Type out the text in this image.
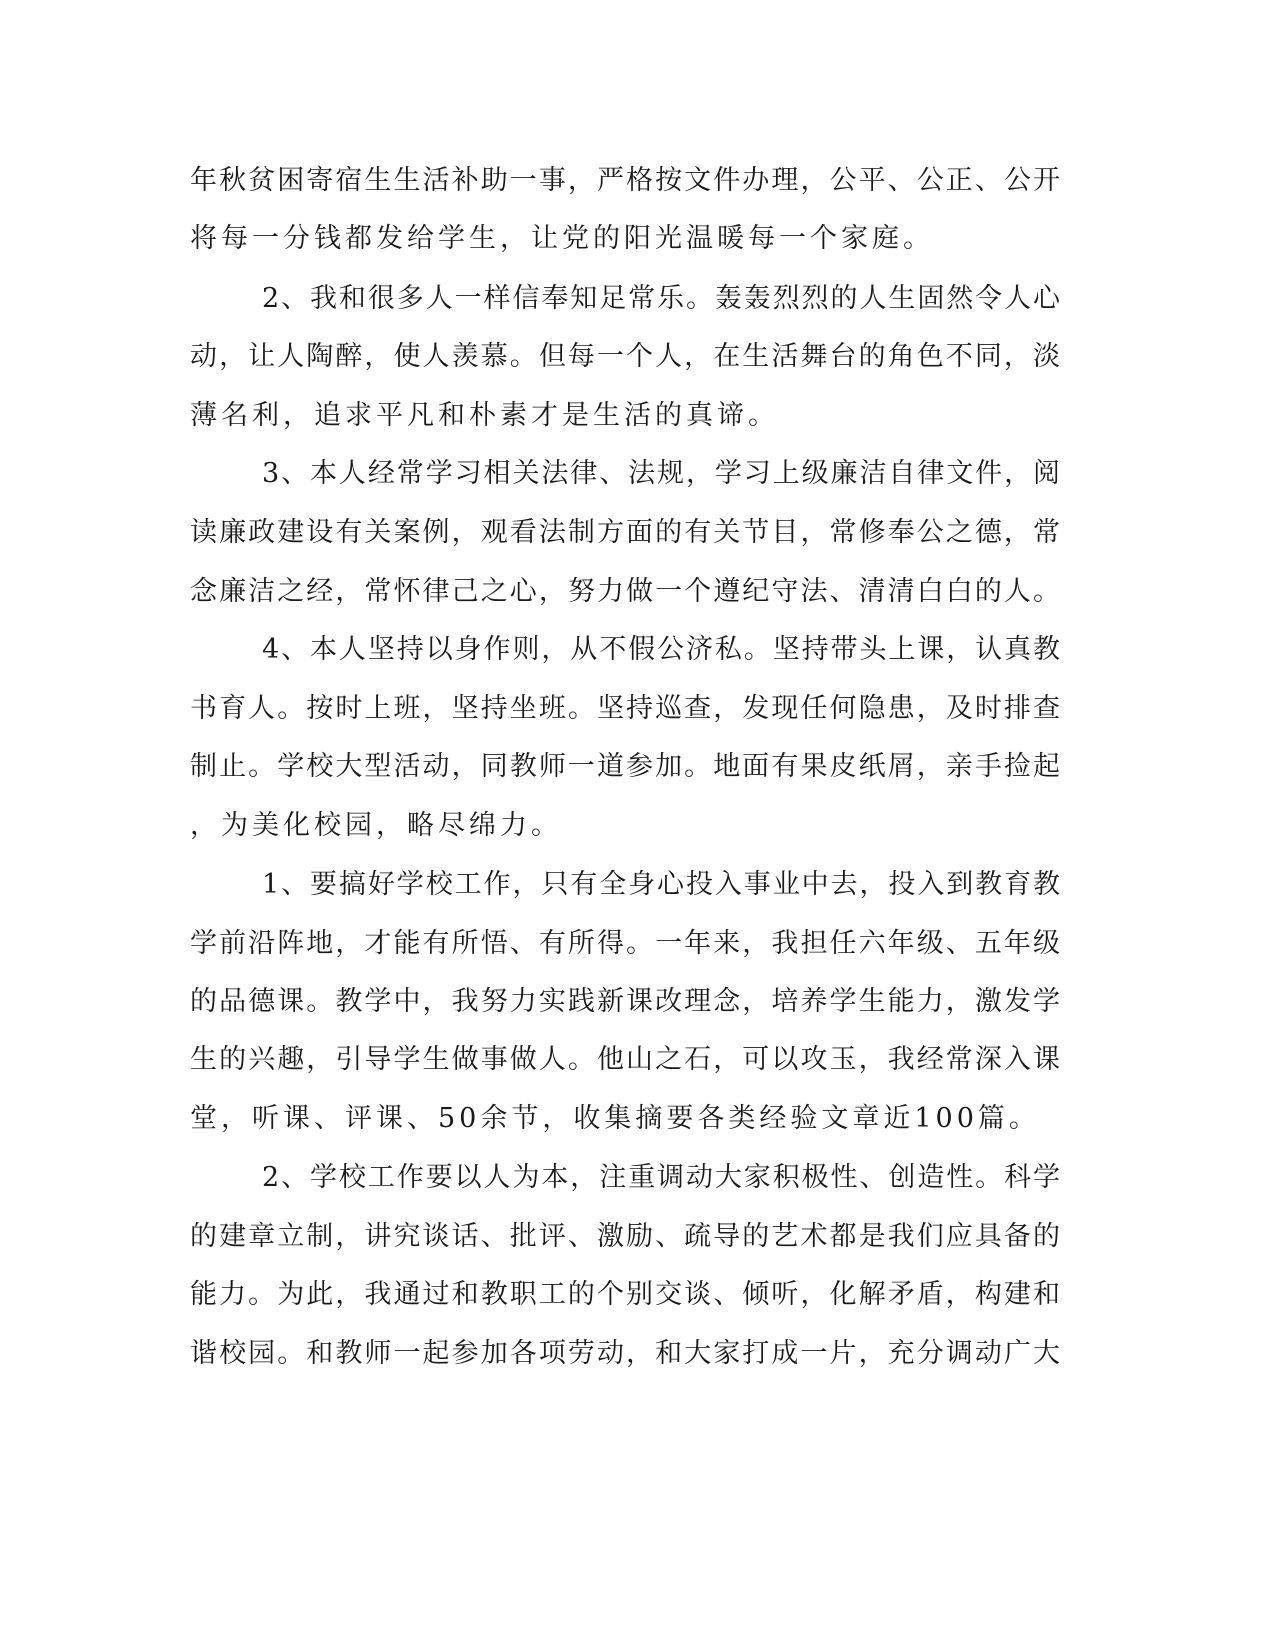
年秋贫困寄宿生生活补助一事，严格按文件办理，公平、公正、公开

将每一分钱都发给学生，让党的阳光温暖每一个家庭。

2、我和很多人一样信奉知足常乐。轰轰烈烈的人生固然令人心

动，让人陶醉，使人羡慕。但每一个人，在生活舞台的角色不同，淡

薄名利，追求平凡和朴素才是生活的真谛。

3、本人经常学习相关法律、法规，学习上级廉洁自律文件，阅

读廉政建设有关案例，观看法制方面的有关节目，常修奉公之德，常

念廉洁之经，常怀律己之心，努力做一个遵纪守法、清清白白的人。

4、本人坚持以身作则，从不假公济私。坚持带头上课，认真教

书育人。按时上班，坚持坐班。坚持巡查，发现任何隐患，及时排查

制止。学校大型活动，同教师一道参加。地面有果皮纸屑，亲手捡起

，为美化校园，略尽绵力。

1、要搞好学校工作，只有全身心投入事业中去，投入到教育教

学前沿阵地，才能有所悟、有所得。一年来，我担任六年级、五年级

的品德课。教学中，我努力实践新课改理念，培养学生能力，激发学

生的兴趣，引导学生做事做人。他山之石，可以攻玉，我经常深入课

堂，听课、评课、50余节，收集摘要各类经验文章近100篇。

2、学校工作要以人为本，注重调动大家积极性、创造性。科学

的建章立制，讲究谈话、批评、激励、疏导的艺术都是我们应具备的

能力。为此，我通过和教职工的个别交谈、倾听，化解矛盾，构建和

谐校园。和教师一起参加各项劳动，和大家打成一片，充分调动广大
